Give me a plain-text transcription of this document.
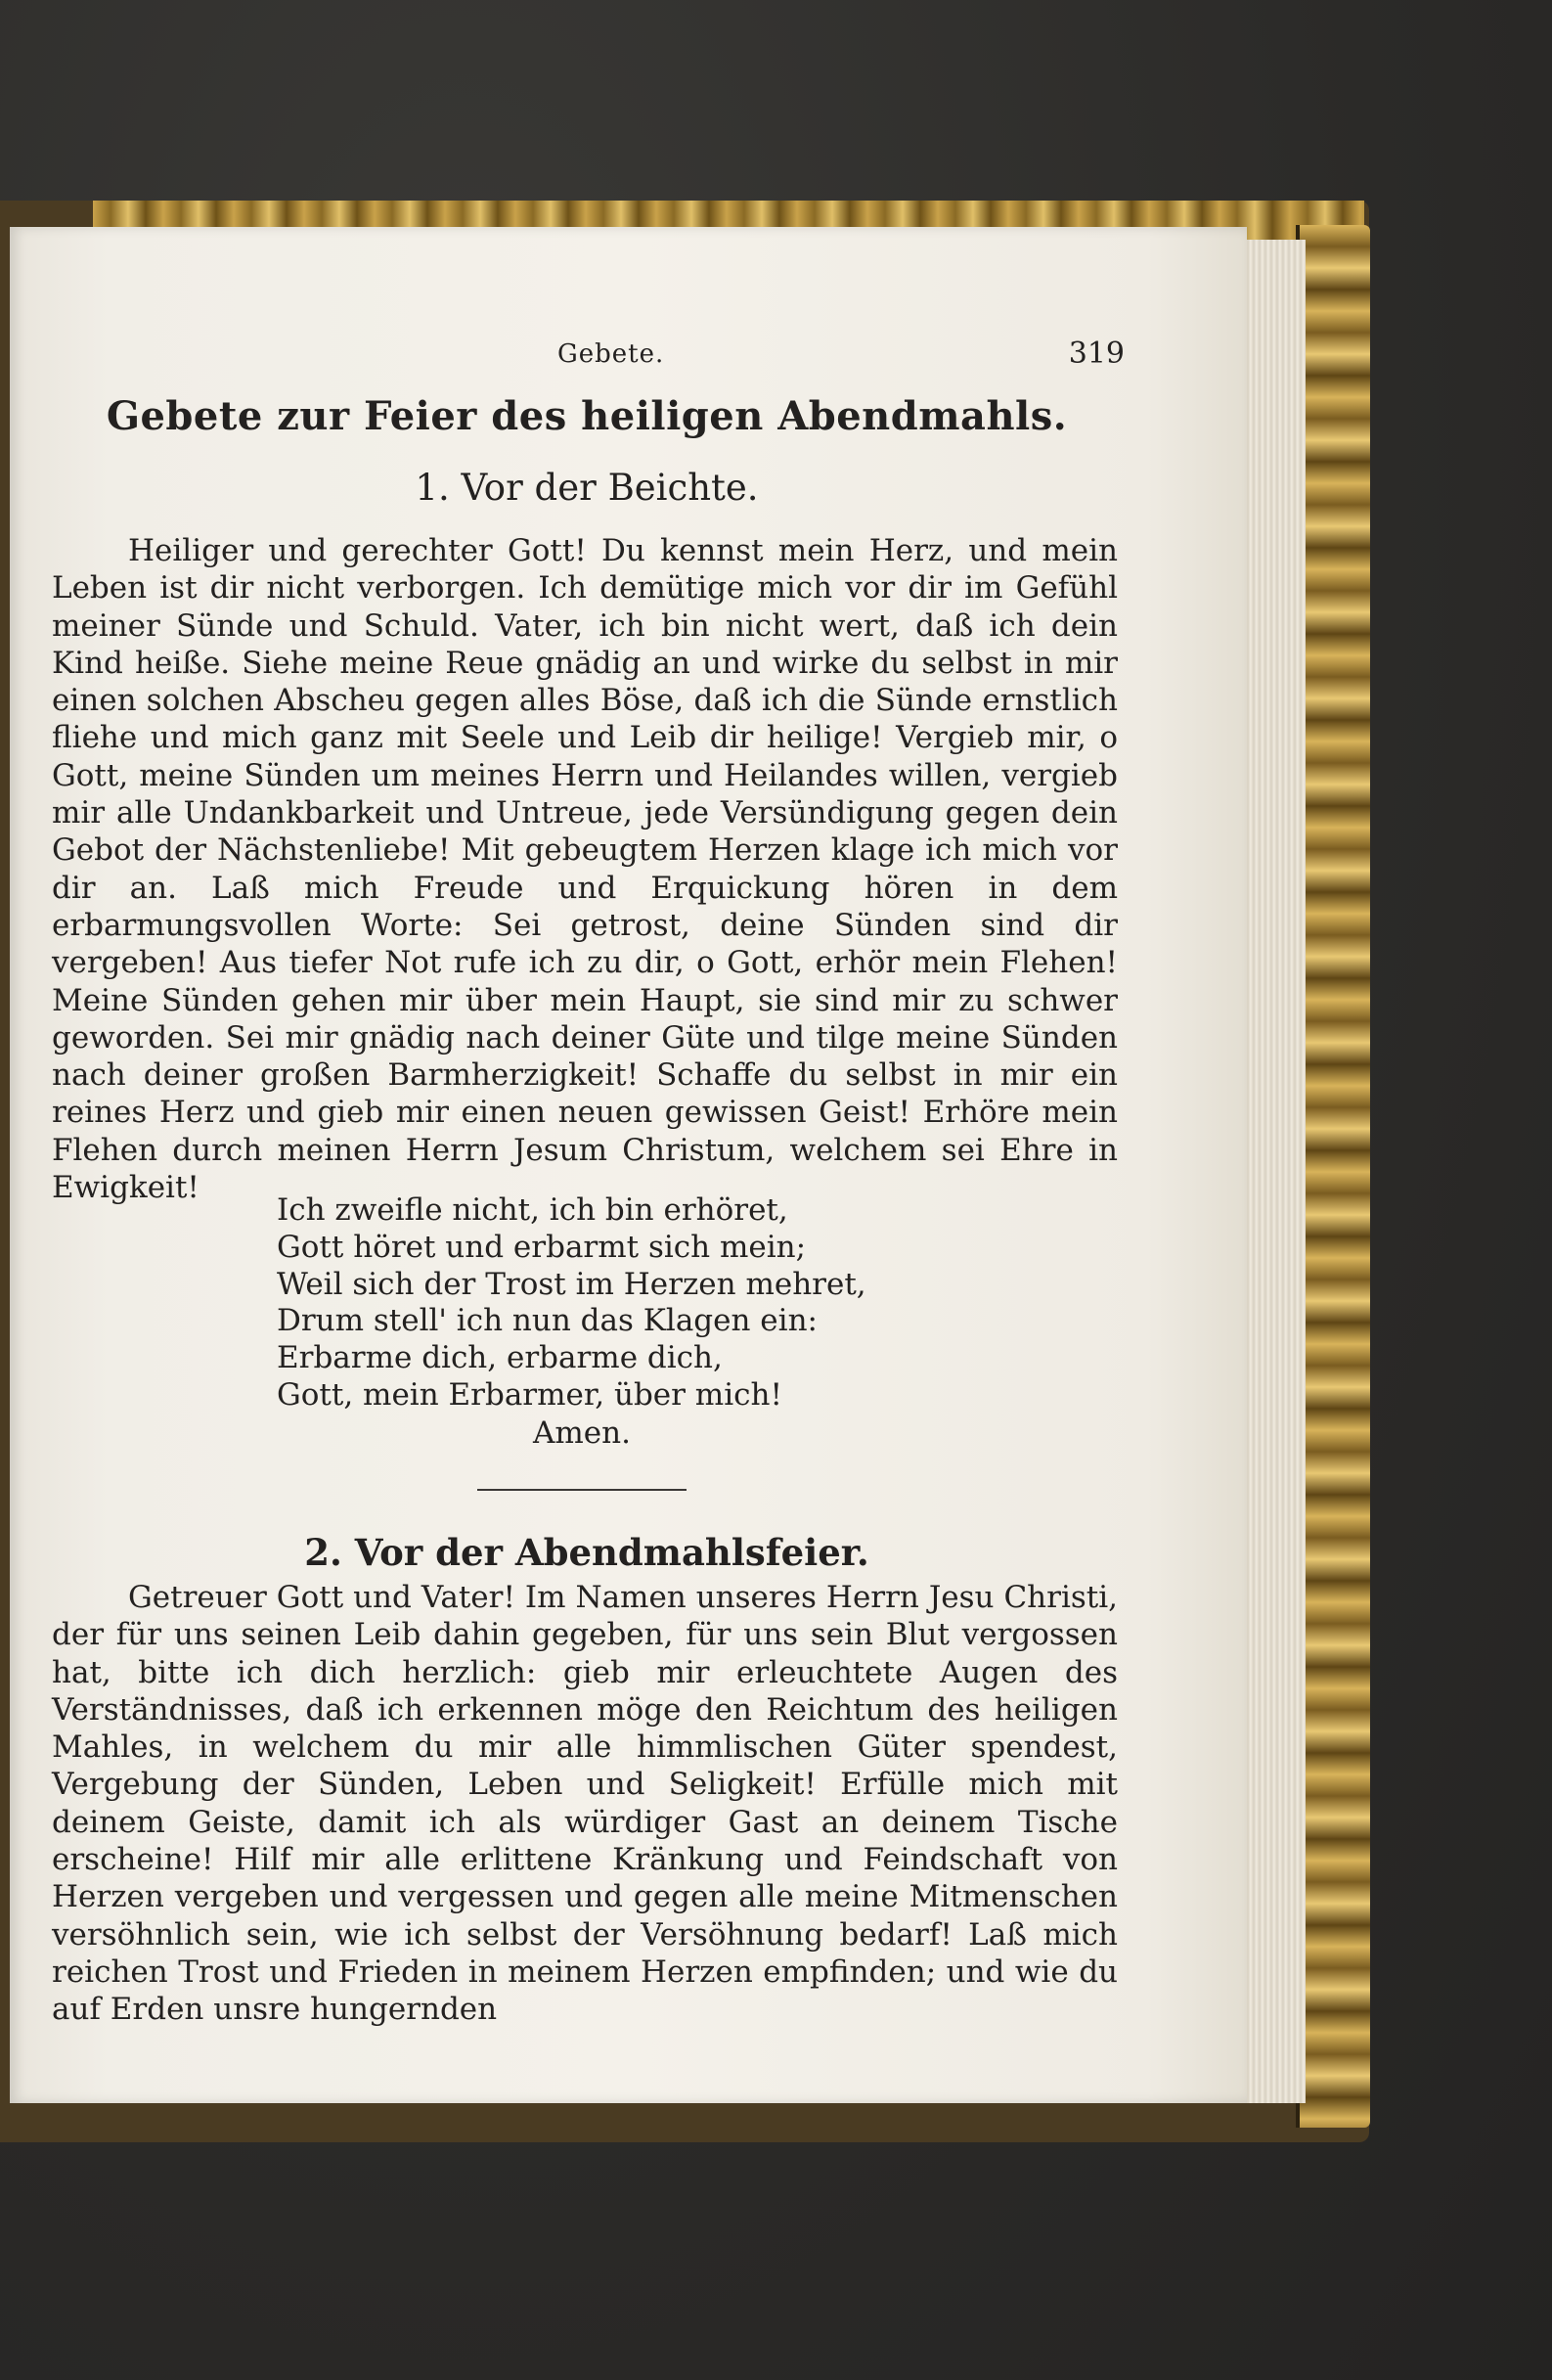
Gebete.	319
Gebete zur Feier des heiligen Abendmahls.
1. Vor der Beichte.

Heiliger und gerechter Gott! Du kennst mein Herz, und mein Leben ist dir nicht verborgen. Ich demütige mich vor dir im Gefühl meiner Sünde und Schuld. Vater, ich bin nicht wert, daß ich dein Kind heiße. Siehe meine Reue gnädig an und wirke du selbst in mir einen solchen Abscheu gegen alles Böse, daß ich die Sünde ernstlich fliehe und mich ganz mit Seele und Leib dir heilige! Vergieb mir, o Gott, meine Sünden um meines Herrn und Heilandes willen, vergieb mir alle Undankbarkeit und Untreue, jede Versündigung gegen dein Gebot der Nächstenliebe! Mit gebeugtem Herzen klage ich mich vor dir an. Laß mich Freude und Erquickung hören in dem erbarmungsvollen Worte: Sei getrost, deine Sünden sind dir vergeben! Aus tiefer Not rufe ich zu dir, o Gott, erhör mein Flehen! Meine Sünden gehen mir über mein Haupt, sie sind mir zu schwer geworden. Sei mir gnädig nach deiner Güte und tilge meine Sünden nach deiner großen Barmherzigkeit! Schaffe du selbst in mir ein reines Herz und gieb mir einen neuen gewissen Geist! Erhöre mein Flehen durch meinen Herrn Jesum Christum, welchem sei Ehre in Ewigkeit!

Ich zweifle nicht, ich bin erhöret,
Gott höret und erbarmt sich mein;
Weil sich der Trost im Herzen mehret,
Drum stell' ich nun das Klagen ein:
Erbarme dich, erbarme dich,
Gott, mein Erbarmer, über mich!
Amen.
2. Vor der Abendmahlsfeier.

Getreuer Gott und Vater! Im Namen unseres Herrn Jesu Christi, der für uns seinen Leib dahin gegeben, für uns sein Blut vergossen hat, bitte ich dich herzlich: gieb mir erleuchtete Augen des Verständnisses, daß ich erkennen möge den Reichtum des heiligen Mahles, in welchem du mir alle himmlischen Güter spendest, Vergebung der Sünden, Leben und Seligkeit! Erfülle mich mit deinem Geiste, damit ich als würdiger Gast an deinem Tische erscheine! Hilf mir alle erlittene Kränkung und Feindschaft von Herzen vergeben und vergessen und gegen alle meine Mitmenschen versöhnlich sein, wie ich selbst der Versöhnung bedarf! Laß mich reichen Trost und Frieden in meinem Herzen empfinden; und wie du auf Erden unsre hungernden
